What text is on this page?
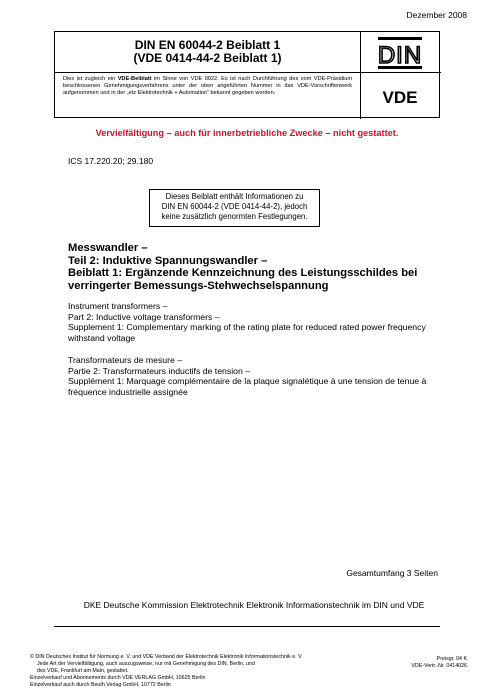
Dezember 2008
DIN EN 60044-2 Beiblatt 1
(VDE 0414-44-2 Beiblatt 1)
Dies ist zugleich ein VDE-Beiblatt im Sinne von VDE 0022. Es ist nach Durchführung des vom VDE-Präsidium beschlossenen Genehmigungsverfahrens unter der oben angeführten Nummer in das VDE-Vorschriftenwerk aufgenommen und in der „etz Elektrotechnik + Automation“ bekannt gegeben worden.
DIN
VDE
Vervielfältigung – auch für innerbetriebliche Zwecke – nicht gestattet.
ICS 17.220.20; 29.180
Dieses Beiblatt enthält Informationen zu
DIN EN 60044-2 (VDE 0414-44-2), jedoch
keine zusätzlich genormten Festlegungen.
Messwandler –
Teil 2: Induktive Spannungswandler –
Beiblatt 1: Ergänzende Kennzeichnung des Leistungsschildes bei
verringerter Bemessungs-Stehwechselspannung
Instrument transformers –
Part 2: Inductive voltage transformers –
Supplement 1: Complementary marking of the rating plate for reduced rated power frequency
withstand voltage
Transformateurs de mesure –
Partie 2: Transformateurs inductifs de tension –
Supplément 1: Marquage complémentaire de la plaque signalétique à une tension de tenue à
fréquence industrielle assignée
Gesamtumfang 3 Seiten
DKE Deutsche Kommission Elektrotechnik Elektronik Informationstechnik im DIN und VDE
© DIN Deutsches Institut für Normung e. V. und VDE Verband der Elektrotechnik Elektronik Informationstechnik e. V.
Jede Art der Vervielfältigung, auch auszugsweise, nur mit Genehmigung des DIN, Berlin, und
des VDE, Frankfurt am Main, gestattet.
Einzelverkauf und Abonnements durch VDE VERLAG GmbH, 10625 Berlin
Einzelverkauf auch durch Beuth Verlag GmbH, 10772 Berlin
Preisgr. 04 K
VDE-Vertr.-Nr. 0414026
